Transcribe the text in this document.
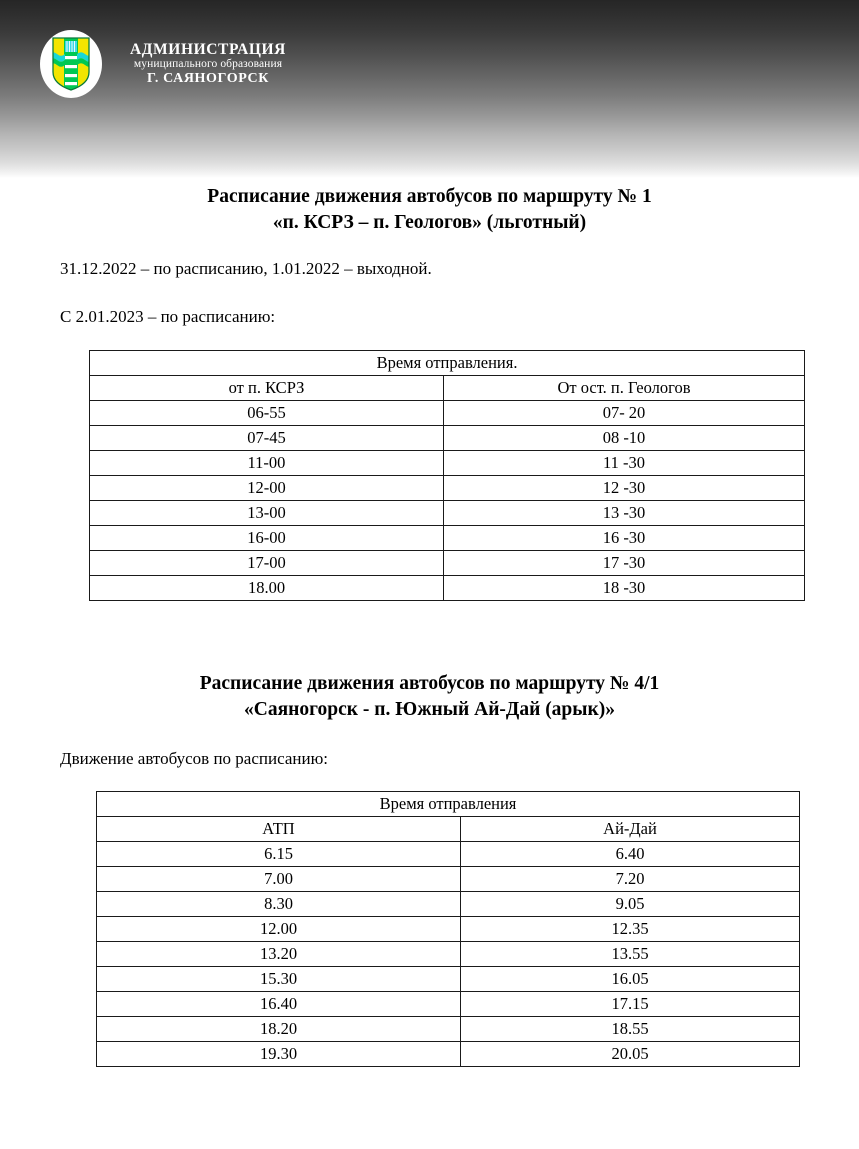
АДМИНИСТРАЦИЯ
муниципального образования
Г. САЯНОГОРСК
Расписание движения автобусов по маршруту № 1
«п. КСРЗ – п. Геологов» (льготный)
31.12.2022 – по расписанию, 1.01.2022 – выходной.
С 2.01.2023 – по расписанию:
Время отправления.	
от п. КСРЗ	От ост. п. Геологов
06-55	07- 20
07-45	08 -10
11-00	11 -30
12-00	12 -30
13-00	13 -30
16-00	16 -30
17-00	17 -30
18.00	18 -30
Расписание движения автобусов по маршруту № 4/1
«Саяногорск - п. Южный Ай-Дай (арык)»
Движение автобусов по расписанию:
Время отправления	
АТП	Ай-Дай
6.15	6.40
7.00	7.20
8.30	9.05
12.00	12.35
13.20	13.55
15.30	16.05
16.40	17.15
18.20	18.55
19.30	20.05
